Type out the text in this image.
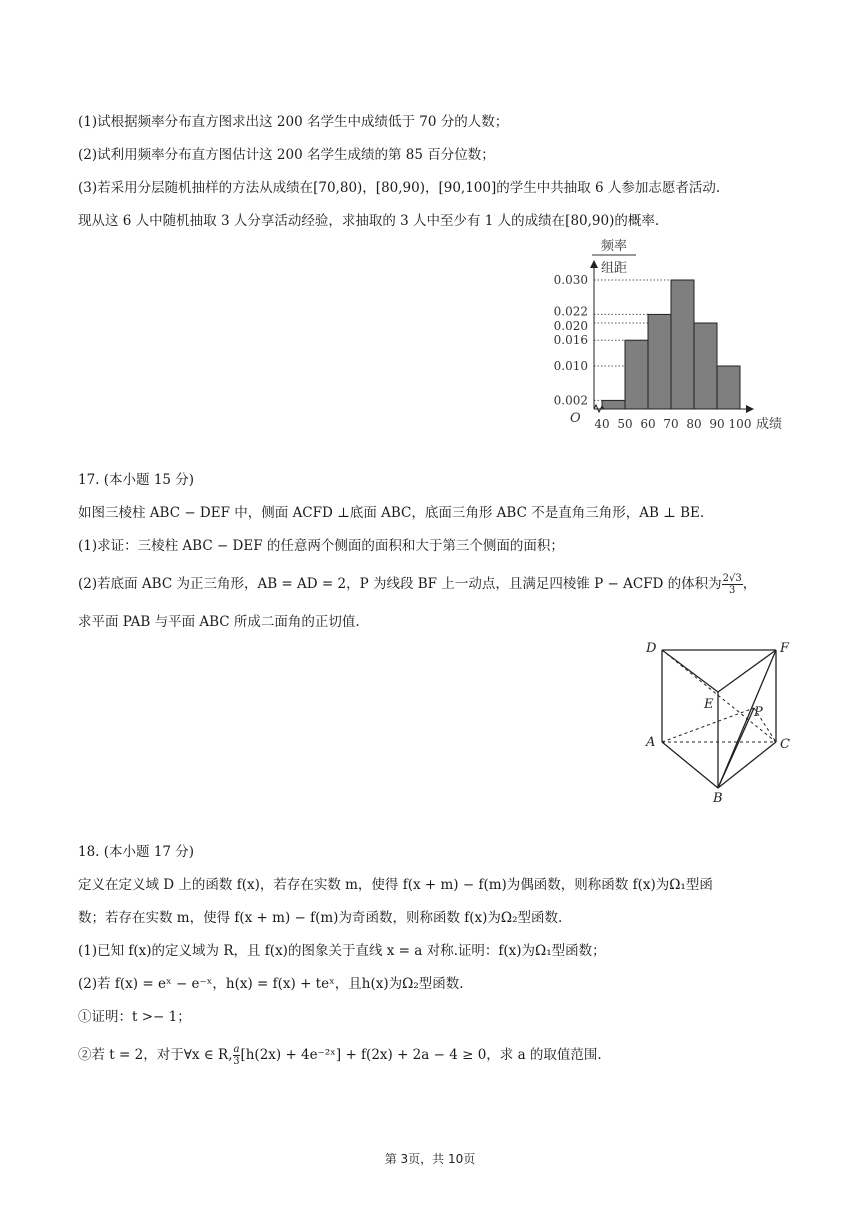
(1)试根据频率分布直方图求出这 200 名学生中成绩低于 70 分的人数；
(2)试利用频率分布直方图估计这 200 名学生成绩的第 85 百分位数；
(3)若采用分层随机抽样的方法从成绩在[70,80)，[80,90)，[90,100]的学生中共抽取 6 人参加志愿者活动.
现从这 6 人中随机抽取 3 人分享活动经验，求抽取的 3 人中至少有 1 人的成绩在[80,90)的概率.
频率
组距
O	成绩
0.002
0.010
0.016
0.020
0.022
0.030
40 50 60 70 80 90 100
17. (本小题 15 分)
如图三棱柱 ABC − DEF 中，侧面 ACFD ⊥底面 ABC，底面三角形 ABC 不是直角三角形，AB ⊥ BE.
(1)求证：三棱柱 ABC − DEF 的任意两个侧面的面积和大于第三个侧面的面积；
(2)若底面 ABC 为正三角形，AB = AD = 2，P 为线段 BF 上一动点，且满足四棱锥 P − ACFD 的体积为 $\frac{2√3}{3}$ ，
求平面 PAB 与平面 ABC 所成二面角的正切值.
D	F
E
P
A	C
B
18. (本小题 17 分)
定义在定义域 D 上的函数 f(x)，若存在实数 m，使得 f(x + m) − f(m)为偶函数，则称函数 f(x)为Ω₁型函
数；若存在实数 m，使得 f(x + m) − f(m)为奇函数，则称函数 f(x)为Ω₂型函数.
(1)已知 f(x)的定义域为 R，且 f(x)的图象关于直线 x = a 对称.证明：f(x)为Ω₁型函数；
(2)若 f(x) = eˣ − e⁻ˣ，h(x) = f(x) + teˣ，且h(x)为Ω₂型函数.
①证明：t >− 1；
②若 t = 2，对于∀x ∈ R, $\frac{a}{3} [h(2x)$ + 4e⁻²ˣ] + f(2x) + 2a − 4 ≥ 0，求 a 的取值范围.
第 3页，共 10页
